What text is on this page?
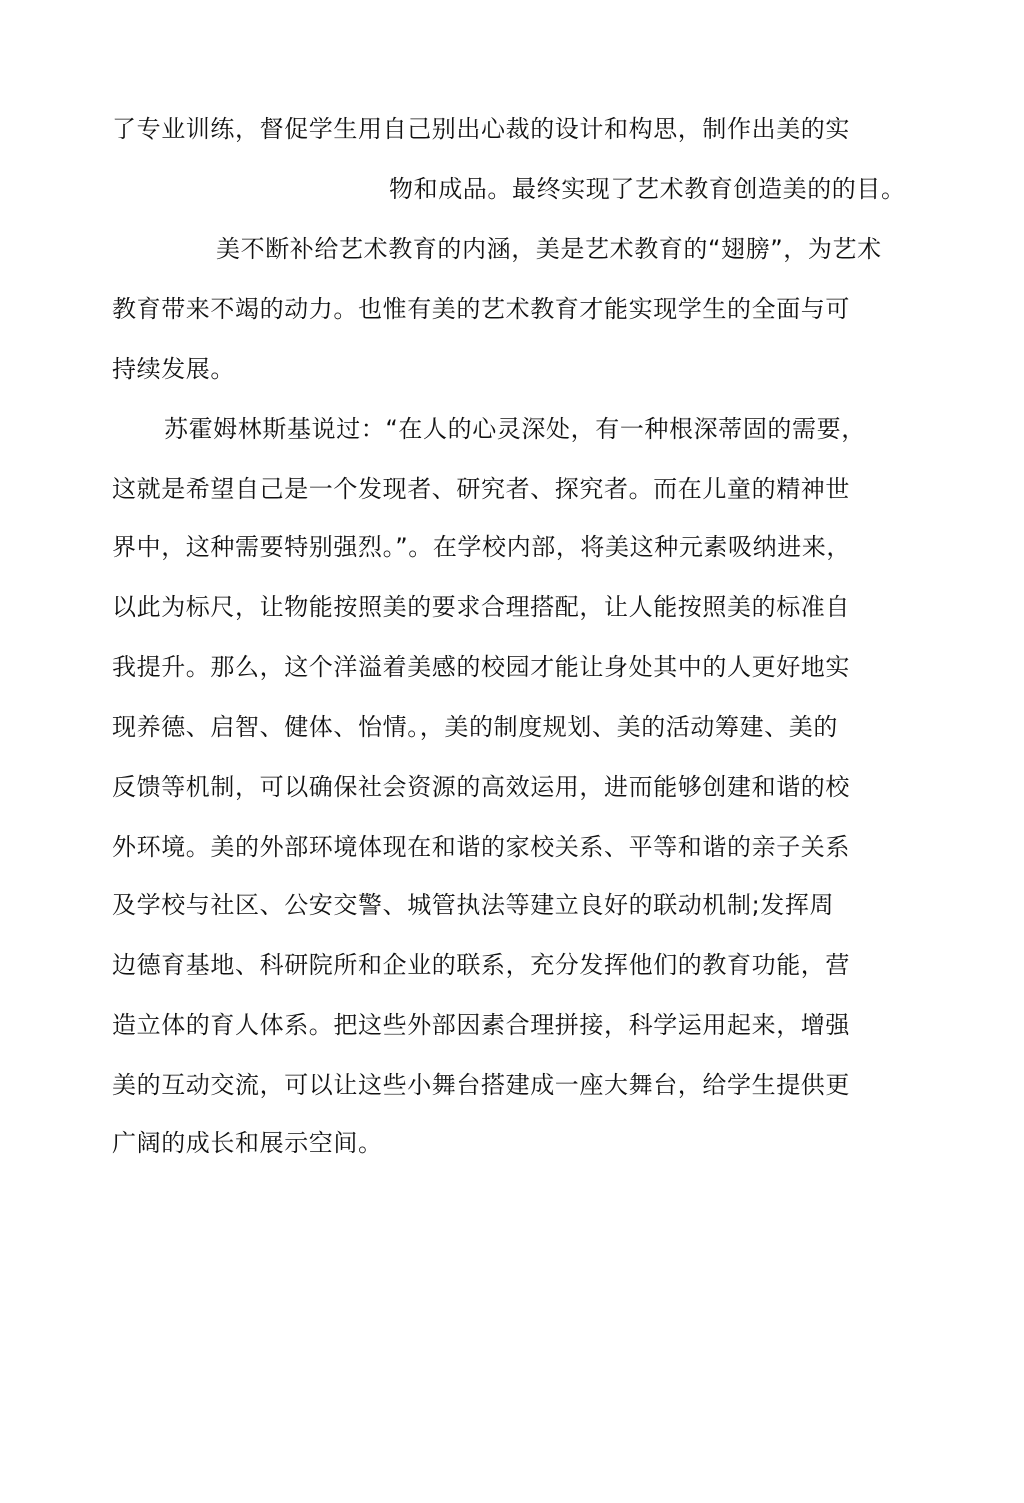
了专业训练，督促学生用自己别出心裁的设计和构思，制作出美的实
物和成品。最终实现了艺术教育创造美的的目。
美不断补给艺术教育的内涵，美是艺术教育的“翅膀”，为艺术
教育带来不竭的动力。也惟有美的艺术教育才能实现学生的全面与可
持续发展。
苏霍姆林斯基说过：“在人的心灵深处，有一种根深蒂固的需要，
这就是希望自己是一个发现者、研究者、探究者。而在儿童的精神世
界中，这种需要特别强烈。”。在学校内部，将美这种元素吸纳进来，
以此为标尺，让物能按照美的要求合理搭配，让人能按照美的标准自
我提升。那么，这个洋溢着美感的校园才能让身处其中的人更好地实
现养德、启智、健体、怡情。，美的制度规划、美的活动筹建、美的
反馈等机制，可以确保社会资源的高效运用，进而能够创建和谐的校
外环境。美的外部环境体现在和谐的家校关系、平等和谐的亲子关系
及学校与社区、公安交警、城管执法等建立良好的联动机制;发挥周
边德育基地、科研院所和企业的联系，充分发挥他们的教育功能，营
造立体的育人体系。把这些外部因素合理拼接，科学运用起来，增强
美的互动交流，可以让这些小舞台搭建成一座大舞台，给学生提供更
广阔的成长和展示空间。
